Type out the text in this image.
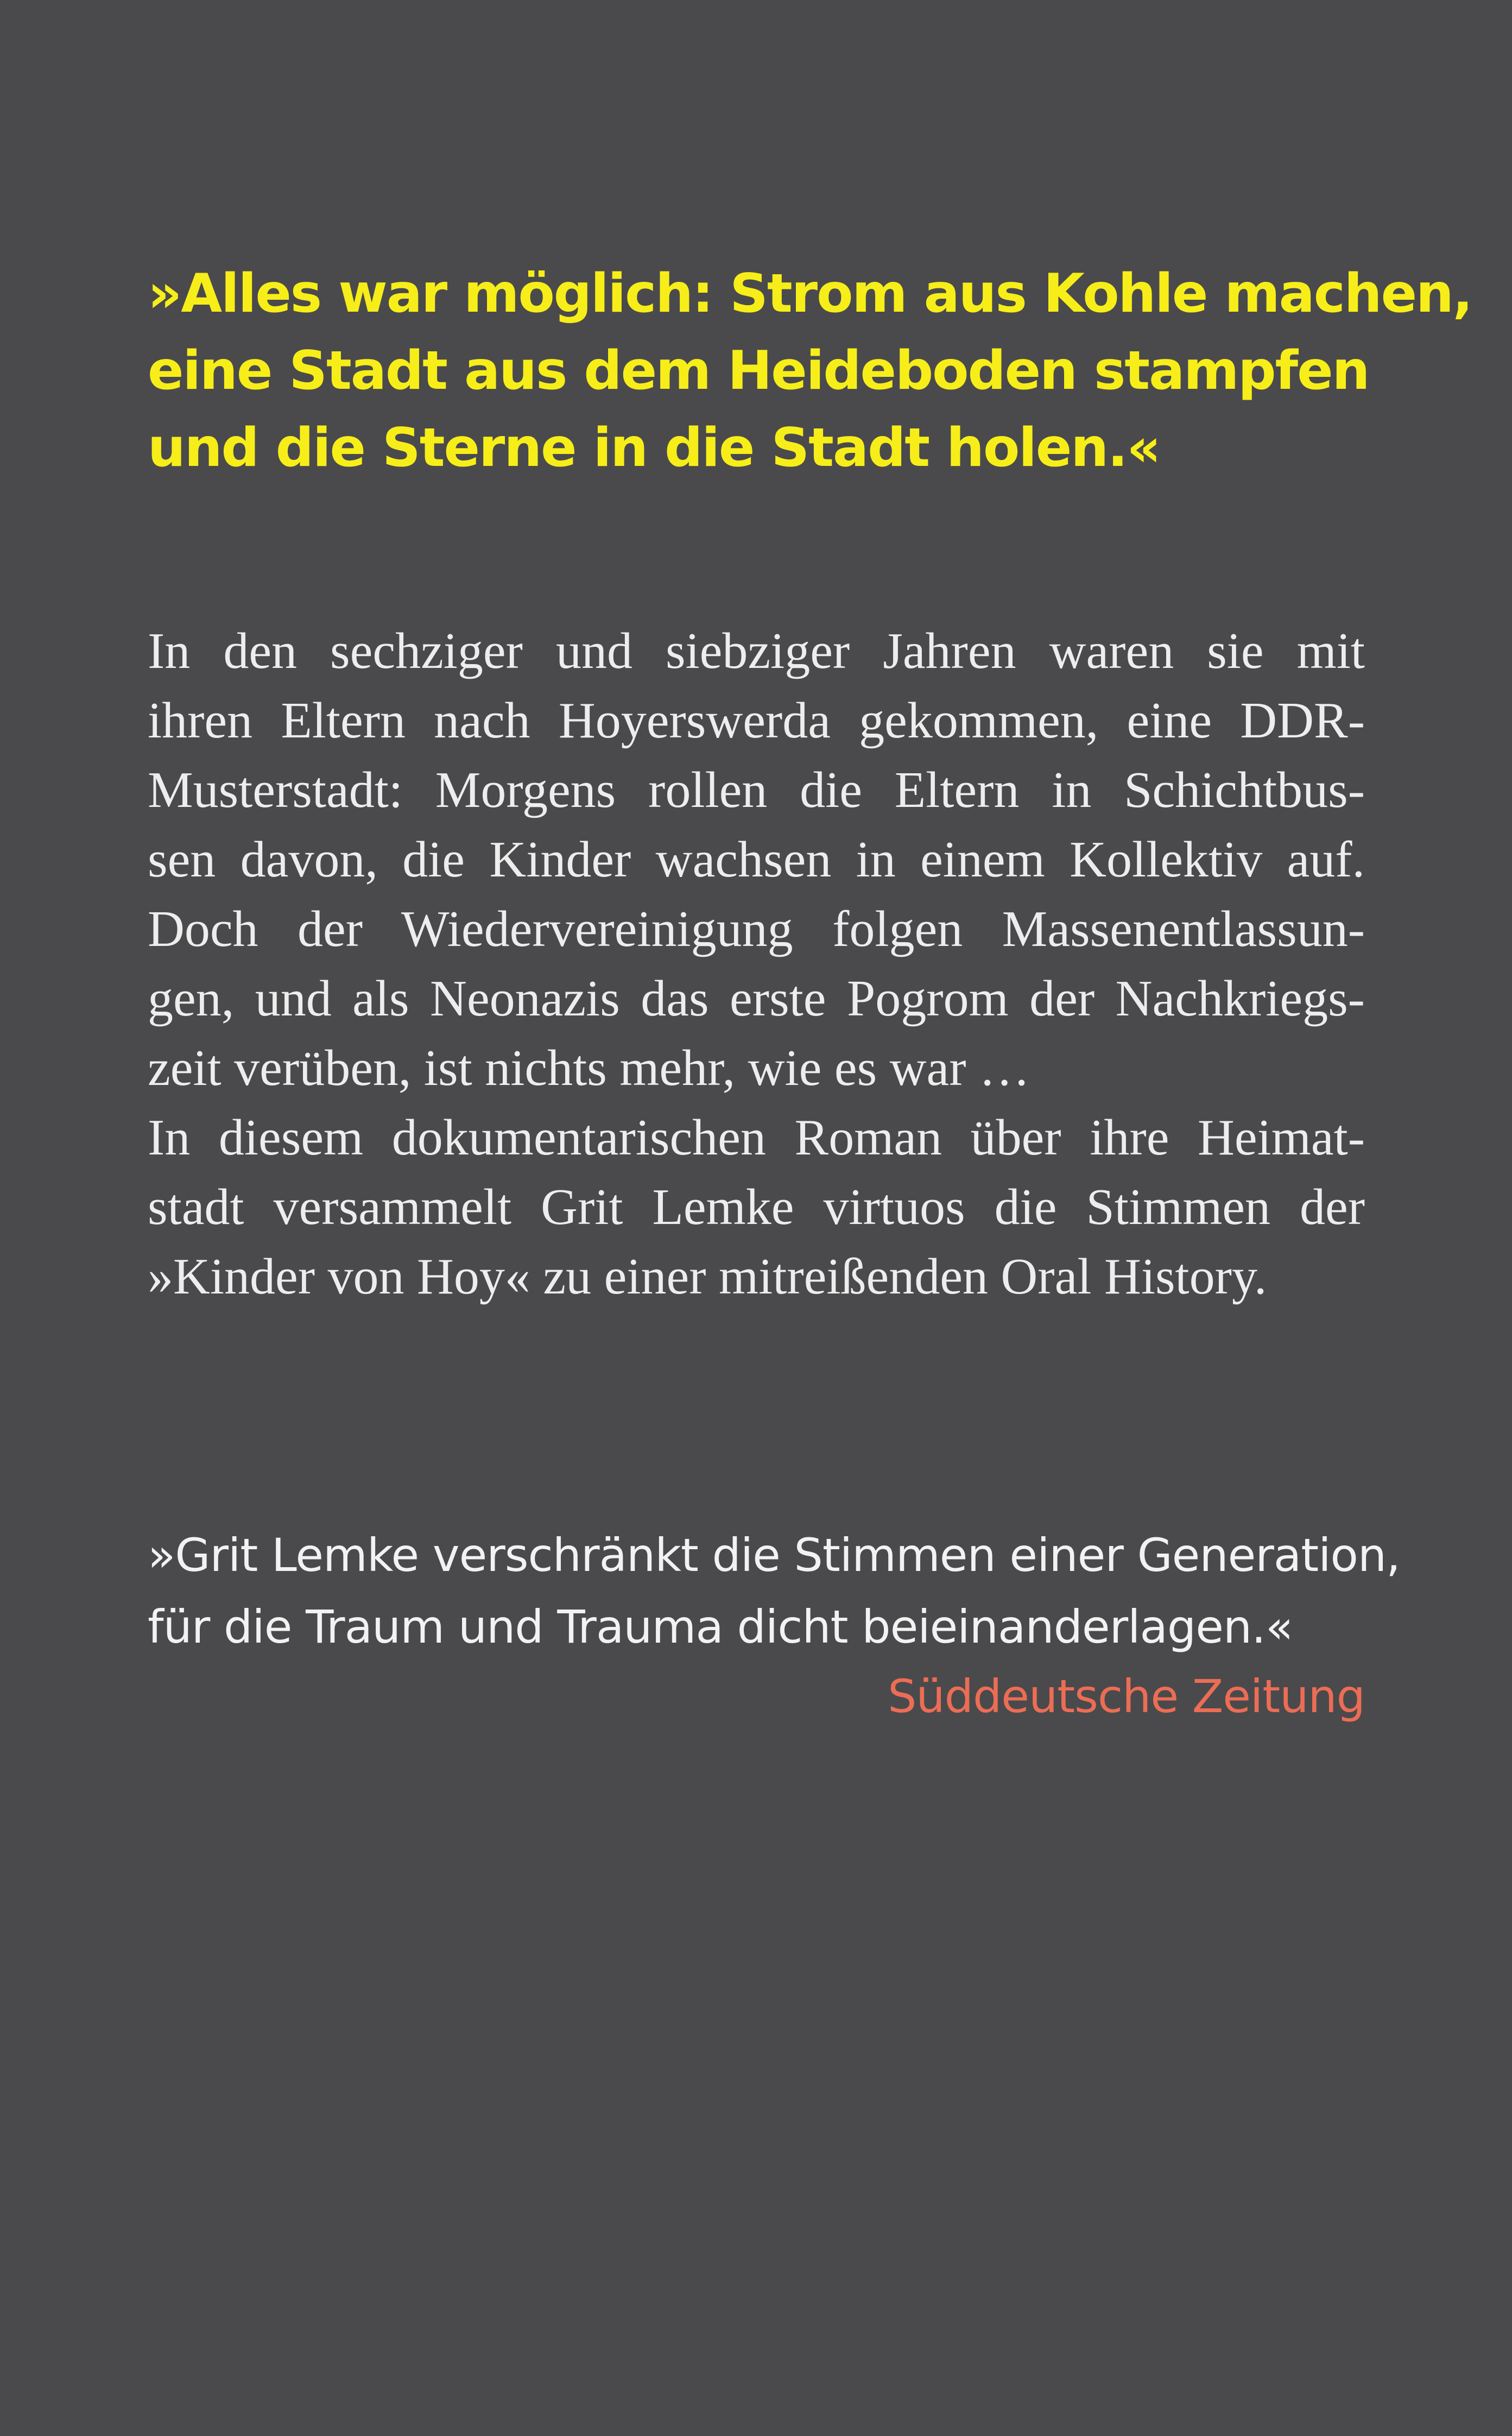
»Alles war möglich: Strom aus Kohle machen,
eine Stadt aus dem Heideboden stampfen
und die Sterne in die Stadt holen.«
In den sechziger und siebziger Jahren waren sie mit
ihren Eltern nach Hoyerswerda gekommen, eine DDR-
Musterstadt: Morgens rollen die Eltern in Schichtbus-
sen davon, die Kinder wachsen in einem Kollektiv auf.
Doch der Wiedervereinigung folgen Massenentlassun-
gen, und als Neonazis das erste Pogrom der Nachkriegs-
zeit verüben, ist nichts mehr, wie es war …
In diesem dokumentarischen Roman über ihre Heimat-
stadt versammelt Grit Lemke virtuos die Stimmen der
»Kinder von Hoy« zu einer mitreißenden Oral History.
»Grit Lemke verschränkt die Stimmen einer Generation,
für die Traum und Trauma dicht beieinanderlagen.«
Süddeutsche Zeitung
